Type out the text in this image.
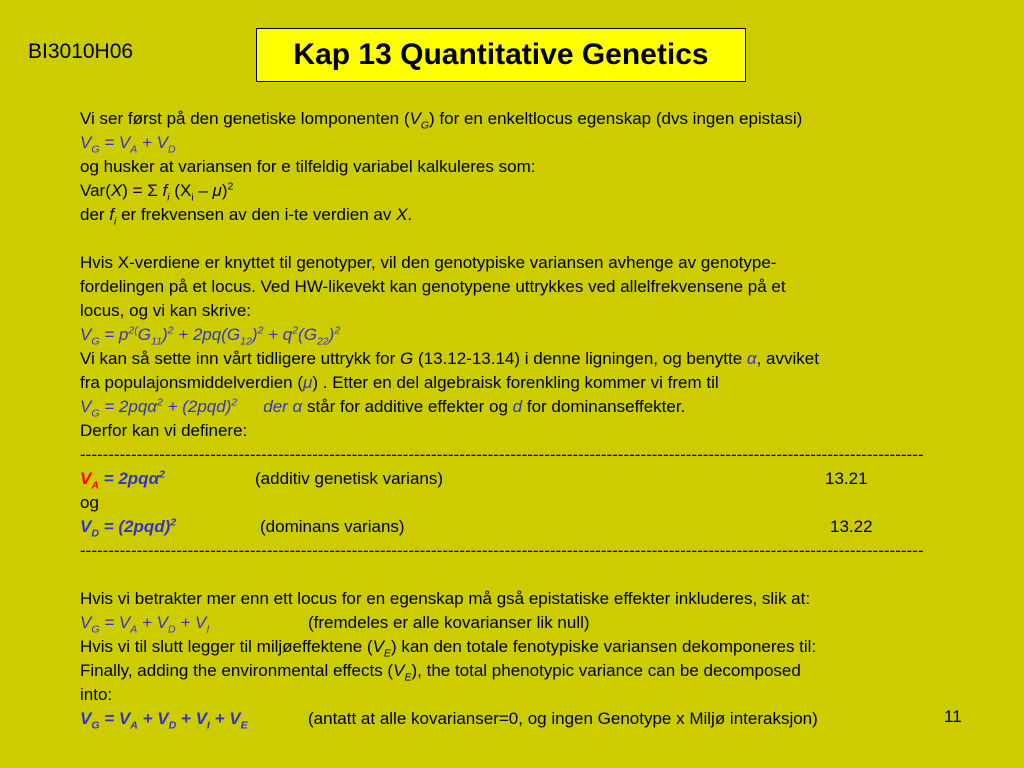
BI3010H06	Kap 13 Quantitative Genetics
Vi ser først på den genetiske lomponenten $(V_G)$ for en enkeltlocus egenskap (dvs ingen epistasi)
$V_G = V_A + V_D$
og husker at variansen for e tilfeldig variabel kalkuleres som:
Var(X) = Σ $f_i$ $(X_i - \mu)^2$
der $f_i$ er frekvensen av den i-te verdien av X.
Hvis X-verdiene er knyttet til genotyper, vil den genotypiske variansen avhenge av genotype-
fordelingen på et locus. Ved HW-likevekt kan genotypene uttrykkes ved allelfrekvensene på et
locus, og vi kan skrive:
$V_G = p^{2(}G_{11})^2 + 2pq(G_{12})^2 + q^2(G_{22})^2$
Vi kan så sette inn vårt tidligere uttrykk for G (13.12-13.14) i denne ligningen, og benytte α, avviket
fra populajonsmiddelverdien (μ) . Etter en del algebraisk forenkling kommer vi frem til
$V_G = 2pq\alpha^2 + (2pqd)^2$ der α står for additive effekter og d for dominanseffekter.
Derfor kan vi definere:
-----------------------------------------------------------------------------------------------------------------------------------------------------
$V_A = 2pq\alpha^2$	(additiv genetisk varians)	13.21
og
$V_D = (2pqd)^2$	(dominans varians)	13.22
-----------------------------------------------------------------------------------------------------------------------------------------------------
Hvis vi betrakter mer enn ett locus for en egenskap må gså epistatiske effekter inkluderes, slik at:
$V_G = V_A + V_D + V_I$	(fremdeles er alle kovarianser lik null)
Hvis vi til slutt legger til miljøeffektene $(V_E)$ kan den totale fenotypiske variansen dekomponeres til:
Finally, adding the environmental effects $(V_E)$, the total phenotypic variance can be decomposed
into:
$V_G = V_A + V_D + V_I + V_E$	(antatt at alle kovarianser=0, og ingen Genotype x Miljø interaksjon)	11
